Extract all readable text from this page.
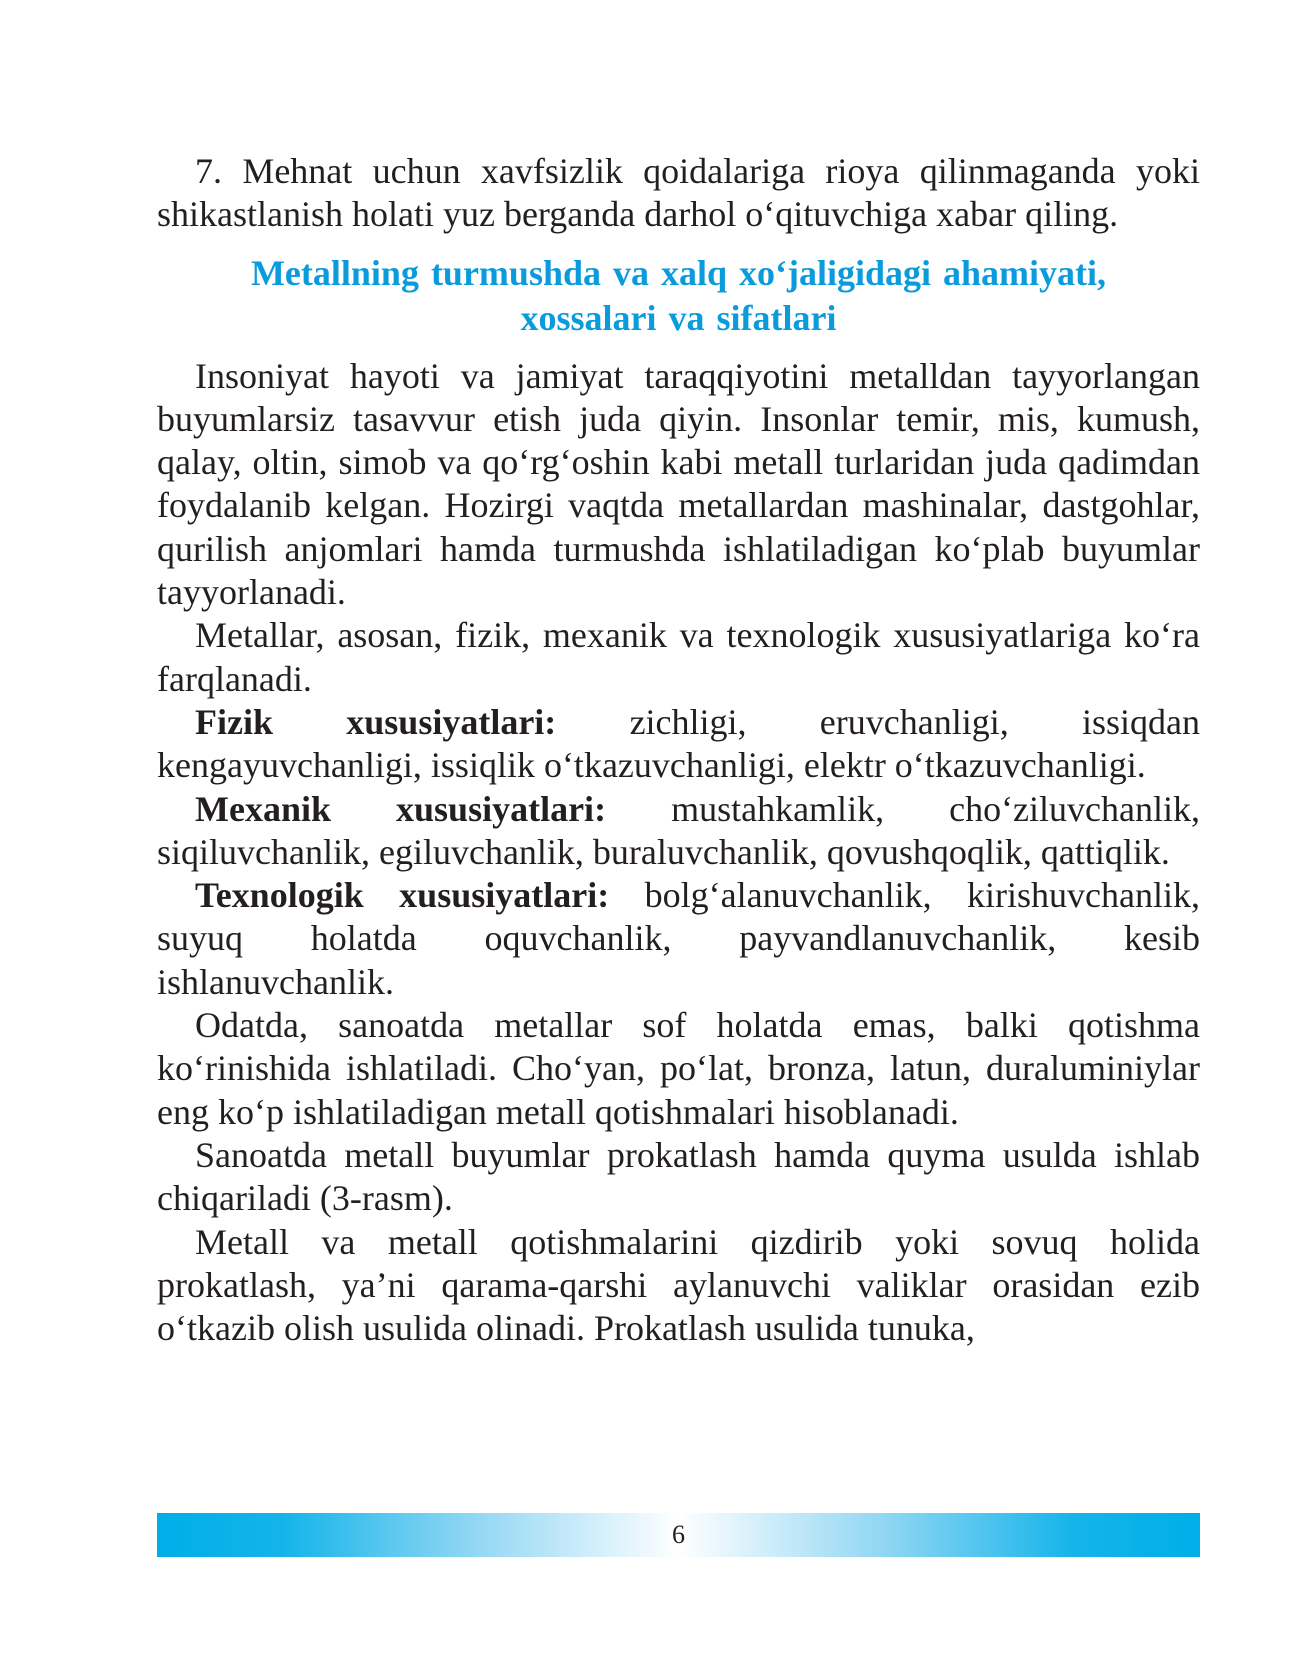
7. Mehnat uchun xavfsizlik qoidalariga rioya qilinmaganda yoki shikastlanish holati yuz berganda darhol o‘qituvchiga xabar qiling.

Metallning turmushda va xalq xo‘jaligidagi ahamiyati,
xossalari va sifatlari

Insoniyat hayoti va jamiyat taraqqiyotini metalldan tayyorlangan buyumlarsiz tasavvur etish juda qiyin. Insonlar temir, mis, kumush, qalay, oltin, simob va qo‘rg‘oshin kabi metall turlaridan juda qadimdan foydalanib kelgan. Hozirgi vaqtda metallardan mashinalar, dastgohlar, qurilish anjomlari hamda turmushda ishlatiladigan ko‘plab buyumlar tayyorlanadi.

Metallar, asosan, fizik, mexanik va texnologik xususiyatlariga ko‘ra farqlanadi.

Fizik xususiyatlari: zichligi, eruvchanligi, issiqdan kengayuvchanligi, issiqlik o‘tkazuvchanligi, elektr o‘tkazuvchanligi.

Mexanik xususiyatlari: mustahkamlik, cho‘ziluvchanlik, siqiluvchanlik, egiluvchanlik, buraluvchanlik, qovushqoqlik, qattiqlik.

Texnologik xususiyatlari: bolg‘alanuvchanlik, kirishuvchanlik, suyuq holatda oquvchanlik, payvandlanuvchanlik, kesib ishlanuvchanlik.

Odatda, sanoatda metallar sof holatda emas, balki qotishma ko‘rinishida ishlatiladi. Cho‘yan, po‘lat, bronza, latun, duraluminiylar eng ko‘p ishlatiladigan metall qotishmalari hisoblanadi.

Sanoatda metall buyumlar prokatlash hamda quyma usulda ishlab chiqariladi (3-rasm).

Metall va metall qotishmalarini qizdirib yoki sovuq holida prokatlash, ya’ni qarama-qarshi aylanuvchi valiklar orasidan ezib o‘tkazib olish usulida olinadi. Prokatlash usulida tunuka,

6
